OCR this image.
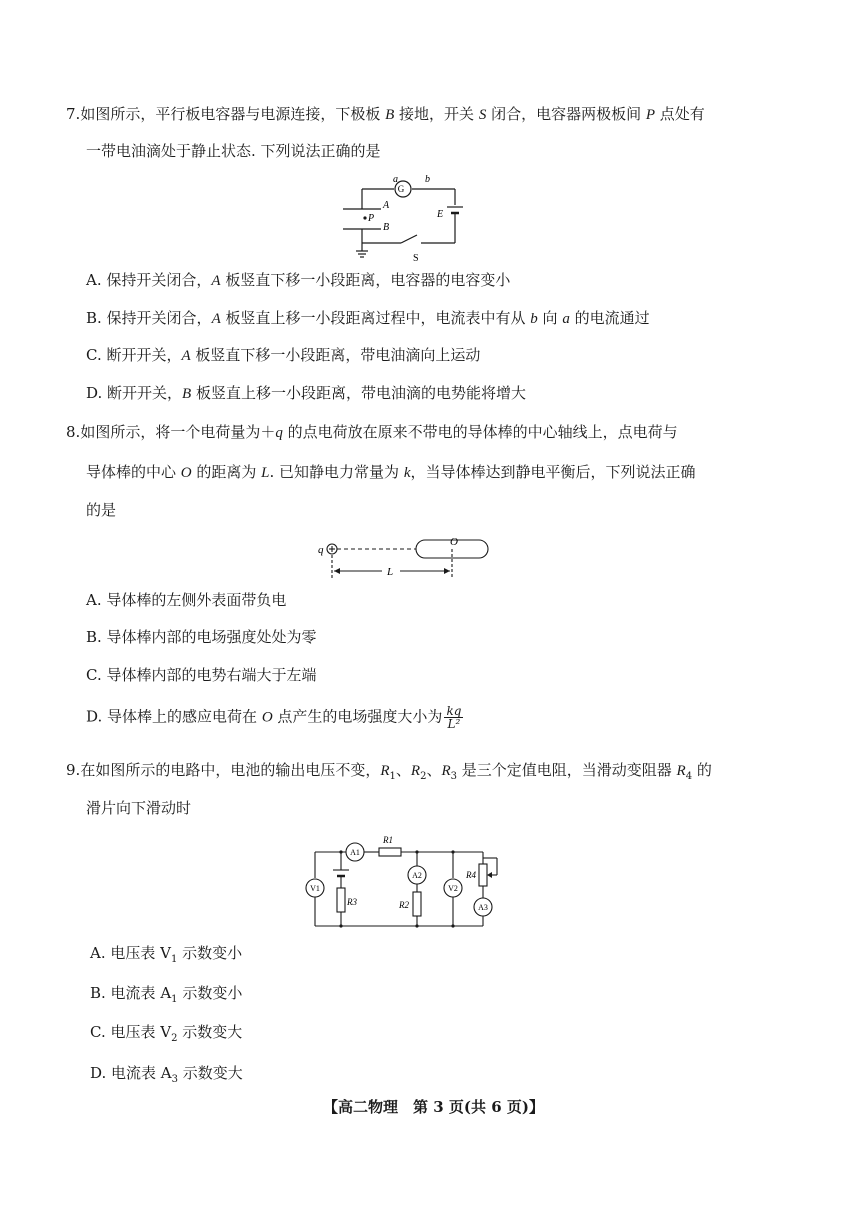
7.如图所示，平行板电容器与电源连接，下极板 B 接地，开关 S 闭合，电容器两极板间 P 点处有
一带电油滴处于静止状态. 下列说法正确的是
G
a	b
A
B
P	E
S
A. 保持开关闭合，A 板竖直下移一小段距离，电容器的电容变小
B. 保持开关闭合，A 板竖直上移一小段距离过程中，电流表中有从 b 向 a 的电流通过
C. 断开开关，A 板竖直下移一小段距离，带电油滴向上运动
D. 断开开关，B 板竖直上移一小段距离，带电油滴的电势能将增大
8.如图所示，将一个电荷量为＋q 的点电荷放在原来不带电的导体棒的中心轴线上，点电荷与
导体棒的中心 O 的距离为 L. 已知静电力常量为 k，当导体棒达到静电平衡后，下列说法正确
的是
q
O
L
A. 导体棒的左侧外表面带负电
B. 导体棒内部的电场强度处处为零
C. 导体棒内部的电势右端大于左端
D. 导体棒上的感应电荷在 O 点产生的电场强度大小为 $\frac{kq}{\text{L²}}$
9.在如图所示的电路中，电池的输出电压不变，$R_1$、$R_2$、$R_3$ 是三个定值电阻，当滑动变阻器 $R_4$ 的
滑片向下滑动时
A1
V1
A2
V2
A3
R1
R3	R2
R4
A. 电压表 $V_1$ 示数变小
B. 电流表 $A_1$ 示数变小
C. 电压表 $V_2$ 示数变大
D. 电流表 $A_3$ 示数变大
【高二物理　第 3 页(共 6 页)】
